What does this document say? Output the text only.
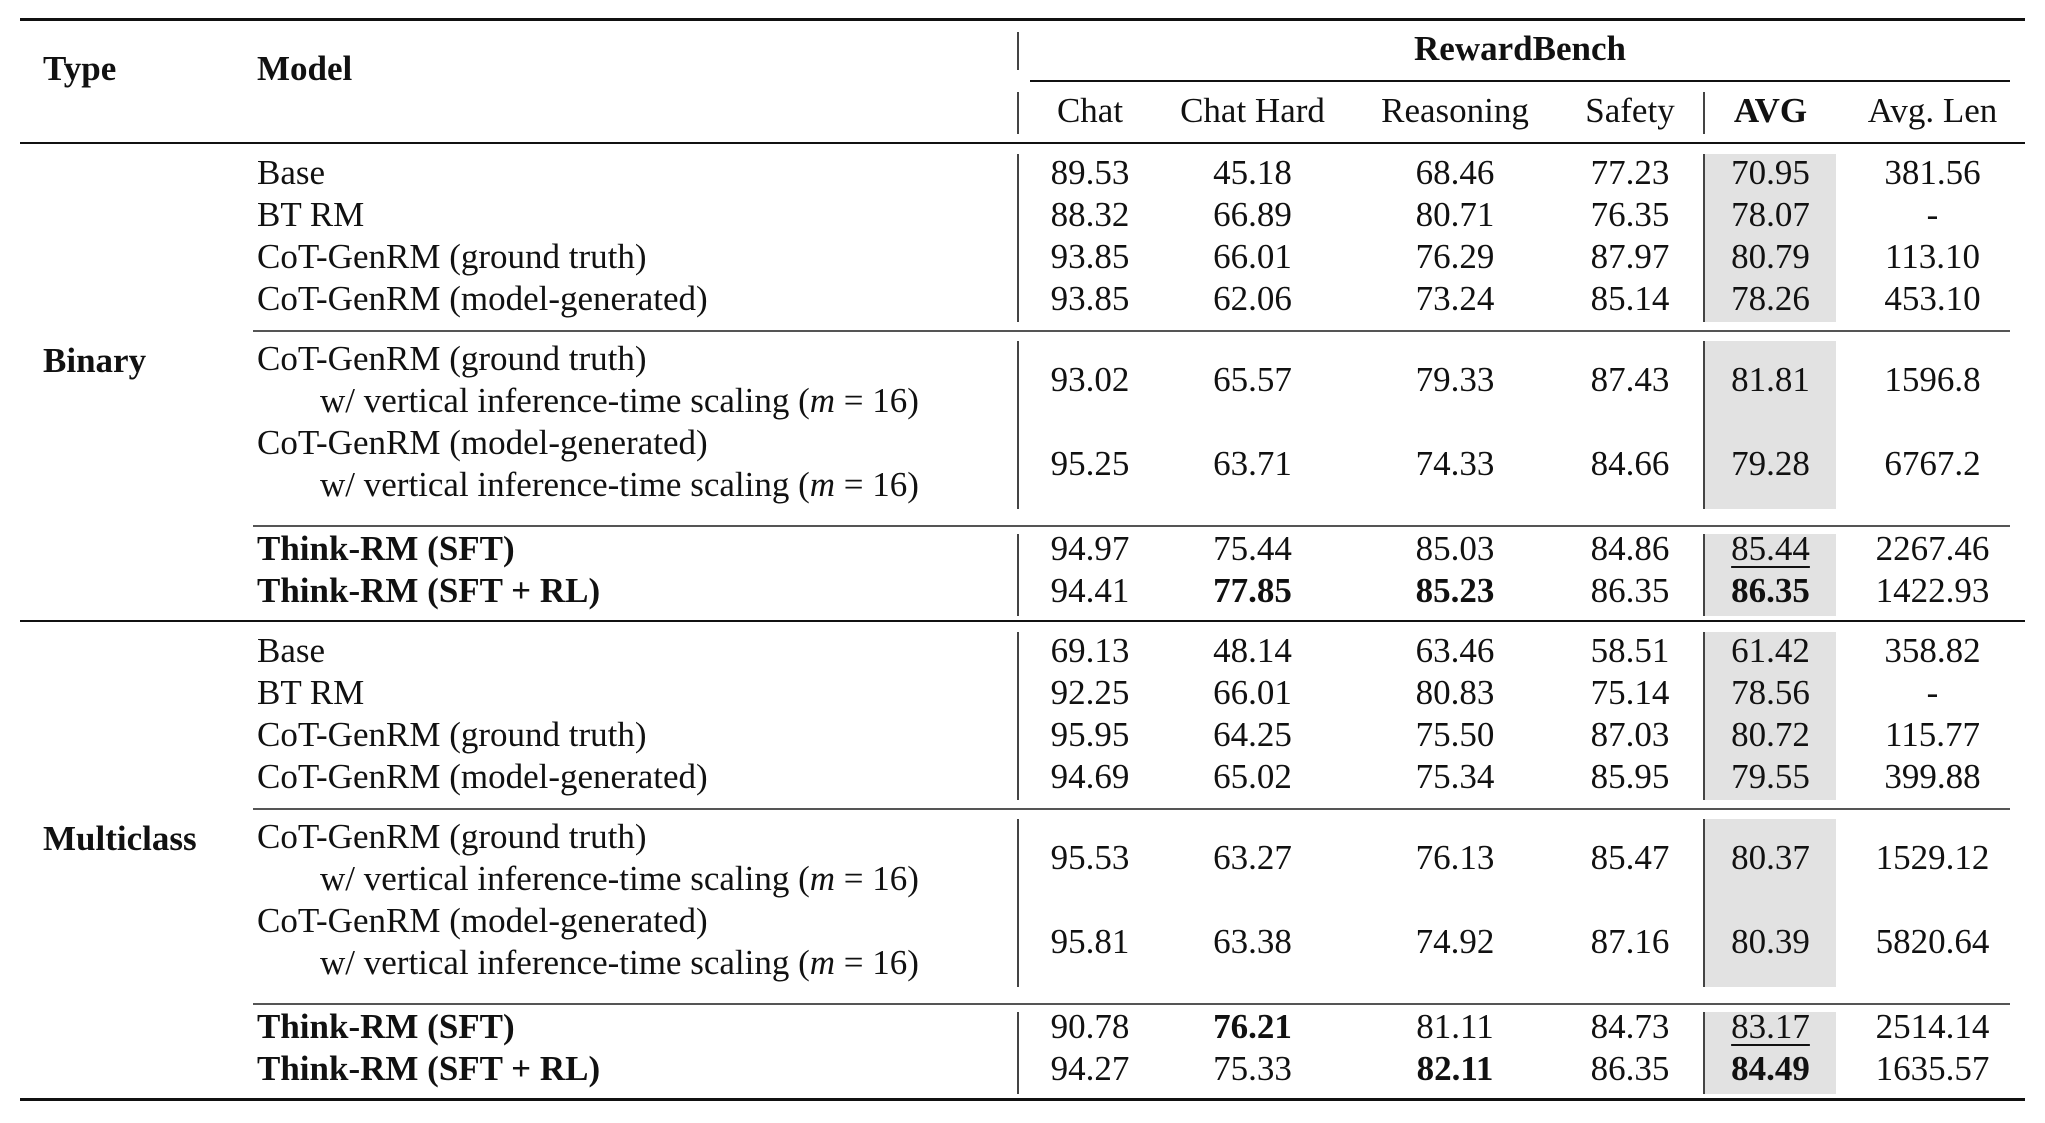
Type	Model
RewardBench
Chat	Chat Hard	Reasoning	Safety	AVG	Avg. Len
Binary
Base	89.53	45.18	68.46	77.23	70.95	381.56
BT RM	88.32	66.89	80.71	76.35	78.07	-
CoT-GenRM (ground truth)	93.85	66.01	76.29	87.97	80.79	113.10
CoT-GenRM (model-generated)	93.85	62.06	73.24	85.14	78.26	453.10
CoT-GenRM (ground truth)
w/ vertical inference-time scaling (m = 16)
93.02	65.57	79.33	87.43	81.81	1596.8
CoT-GenRM (model-generated)
w/ vertical inference-time scaling (m = 16)
95.25	63.71	74.33	84.66	79.28	6767.2
Think-RM (SFT)	94.97	75.44	85.03	84.86	85.44	2267.46
Think-RM (SFT + RL)	94.41	77.85	85.23	86.35	86.35	1422.93
Multiclass
Base	69.13	48.14	63.46	58.51	61.42	358.82
BT RM	92.25	66.01	80.83	75.14	78.56	-
CoT-GenRM (ground truth)	95.95	64.25	75.50	87.03	80.72	115.77
CoT-GenRM (model-generated)	94.69	65.02	75.34	85.95	79.55	399.88
CoT-GenRM (ground truth)
w/ vertical inference-time scaling (m = 16)
95.53	63.27	76.13	85.47	80.37	1529.12
CoT-GenRM (model-generated)
w/ vertical inference-time scaling (m = 16)
95.81	63.38	74.92	87.16	80.39	5820.64
Think-RM (SFT)	90.78	76.21	81.11	84.73	83.17	2514.14
Think-RM (SFT + RL)	94.27	75.33	82.11	86.35	84.49	1635.57
